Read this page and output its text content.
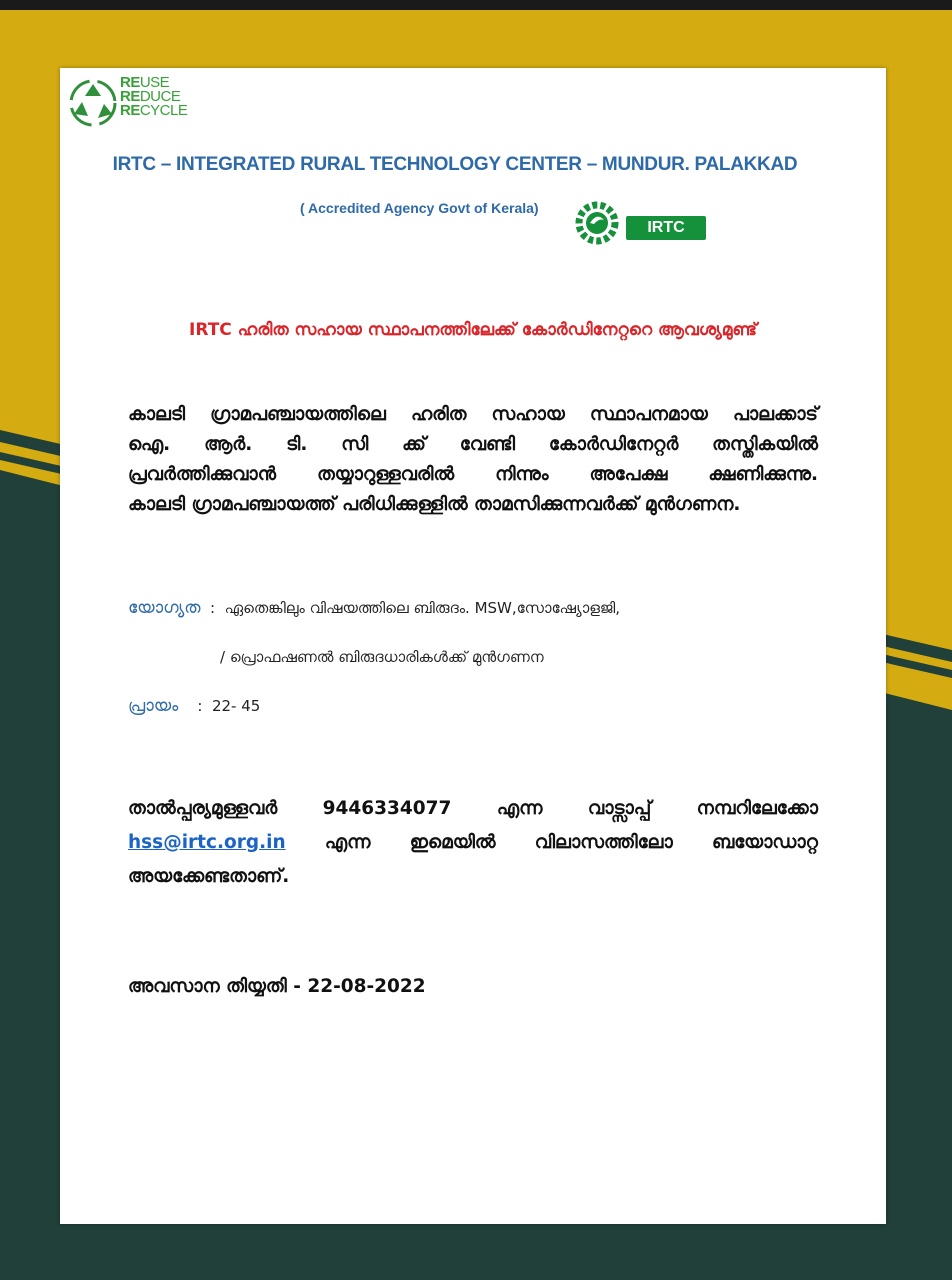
REUSE
REDUCE
RECYCLE
IRTC – INTEGRATED RURAL TECHNOLOGY CENTER – MUNDUR. PALAKKAD
( Accredited Agency Govt of Kerala)
IRTC
IRTC ഹരിത സഹായ സ്ഥാപനത്തിലേക്ക് കോർഡിനേറ്ററെ ആവശ്യമുണ്ട്
കാലടി ഗ്രാമപഞ്ചായത്തിലെ ഹരിത സഹായ സ്ഥാപനമായ പാലക്കാട്
ഐ. ആർ. ടി. സി ക്ക് വേണ്ടി കോർഡിനേറ്റർ തസ്തികയിൽ
പ്രവർത്തിക്കുവാൻ തയ്യാറുള്ളവരിൽ നിന്നും അപേക്ഷ ക്ഷണിക്കുന്നു.
കാലടി ഗ്രാമപഞ്ചായത്ത് പരിധിക്കുള്ളിൽ താമസിക്കുന്നവർക്ക് മുൻഗണന.
യോഗ്യത : ഏതെങ്കിലും വിഷയത്തിലെ ബിരുദം. MSW,സോഷ്യോളജി,
/ പ്രൊഫഷണൽ ബിരുദധാരികൾക്ക് മുൻഗണന
പ്രായം : 22- 45
താൽപ്പര്യമുള്ളവർ 9446334077 എന്ന വാട്സാപ്പ് നമ്പറിലേക്കോ
hss@irtc.org.in എന്ന ഇമെയിൽ വിലാസത്തിലോ ബയോഡാറ്റ
അയക്കേണ്ടതാണ്.
അവസാന തിയ്യതി - 22-08-2022
